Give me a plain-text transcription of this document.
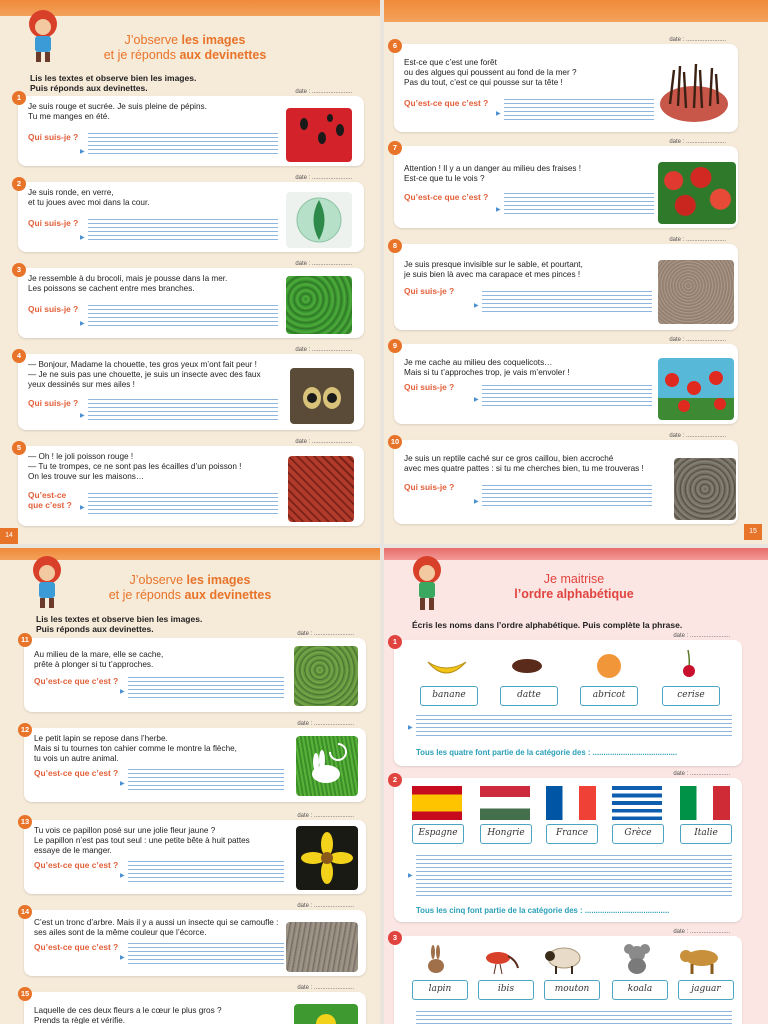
J’observe les images
et je réponds aux devinettes
Lis les textes et observe bien les images.
Puis réponds aux devinettes.
1
date : ........................
Je suis rouge et sucrée. Je suis pleine de pépins.
Tu me manges en été.
Qui suis-je ?
▶
2
date : ........................
Je suis ronde, en verre,
et tu joues avec moi dans la cour.
Qui suis-je ?
▶
3
date : ........................
Je ressemble à du brocoli, mais je pousse dans la mer.
Les poissons se cachent entre mes branches.
Qui suis-je ?
▶
4
date : ........................
— Bonjour, Madame la chouette, tes gros yeux m’ont fait peur !
— Je ne suis pas une chouette, je suis un insecte avec des faux
yeux dessinés sur mes ailes !
Qui suis-je ?
▶
5
date : ........................
— Oh ! le joli poisson rouge !
— Tu te trompes, ce ne sont pas les écailles d’un poisson !
On les trouve sur les maisons…
Qu’est-ce
que c’est ? ▶
14
6
date : ........................
Est-ce que c’est une forêt
ou des algues qui poussent au fond de la mer ?
Pas du tout, c’est ce qui pousse sur ta tête !
Qu’est-ce que c’est ?
▶
7
date : ........................
Attention ! Il y a un danger au milieu des fraises !
Est-ce que tu le vois ?
Qu’est-ce que c’est ?
▶
8
date : ........................
Je suis presque invisible sur le sable, et pourtant,
je suis bien là avec ma carapace et mes pinces !
Qui suis-je ?
▶
9
date : ........................
Je me cache au milieu des coquelicots…
Mais si tu t’approches trop, je vais m’envoler !
Qui suis-je ?
▶
10
date : ........................
Je suis un reptile caché sur ce gros caillou, bien accroché
avec mes quatre pattes : si tu me cherches bien, tu me trouveras !
Qui suis-je ?
▶
15
J’observe les images
et je réponds aux devinettes
Lis les textes et observe bien les images.
Puis réponds aux devinettes.
11
date : ........................
Au milieu de la mare, elle se cache,
prête à plonger si tu t’approches.
Qu’est-ce que c’est ?
▶
12
date : ........................
Le petit lapin se repose dans l’herbe.
Mais si tu tournes ton cahier comme le montre la flèche,
tu vois un autre animal.
Qu’est-ce que c’est ?
▶
13
date : ........................
Tu vois ce papillon posé sur une jolie fleur jaune ?
Le papillon n’est pas tout seul : une petite bête à huit pattes
essaye de le manger.
Qu’est-ce que c’est ?
▶
14
date : ........................
C’est un tronc d’arbre. Mais il y a aussi un insecte qui se camoufle :
ses ailes sont de la même couleur que l’écorce.
Qu’est-ce que c’est ?
▶
15
date : ........................
Laquelle de ces deux fleurs a le cœur le plus gros ?
Prends ta règle et vérifie.
Je maitrise
l’ordre alphabétique
Écris les noms dans l’ordre alphabétique. Puis complète la phrase.
1
date : ........................
banane	datte	abricot	cerise
▶
Tous les quatre font partie de la catégorie des : .......................................
2
date : ........................
Espagne	Hongrie	France	Grèce	Italie
▶
Tous les cinq font partie de la catégorie des : .......................................
3
date : ........................
lapin	ibis	mouton	koala	jaguar
